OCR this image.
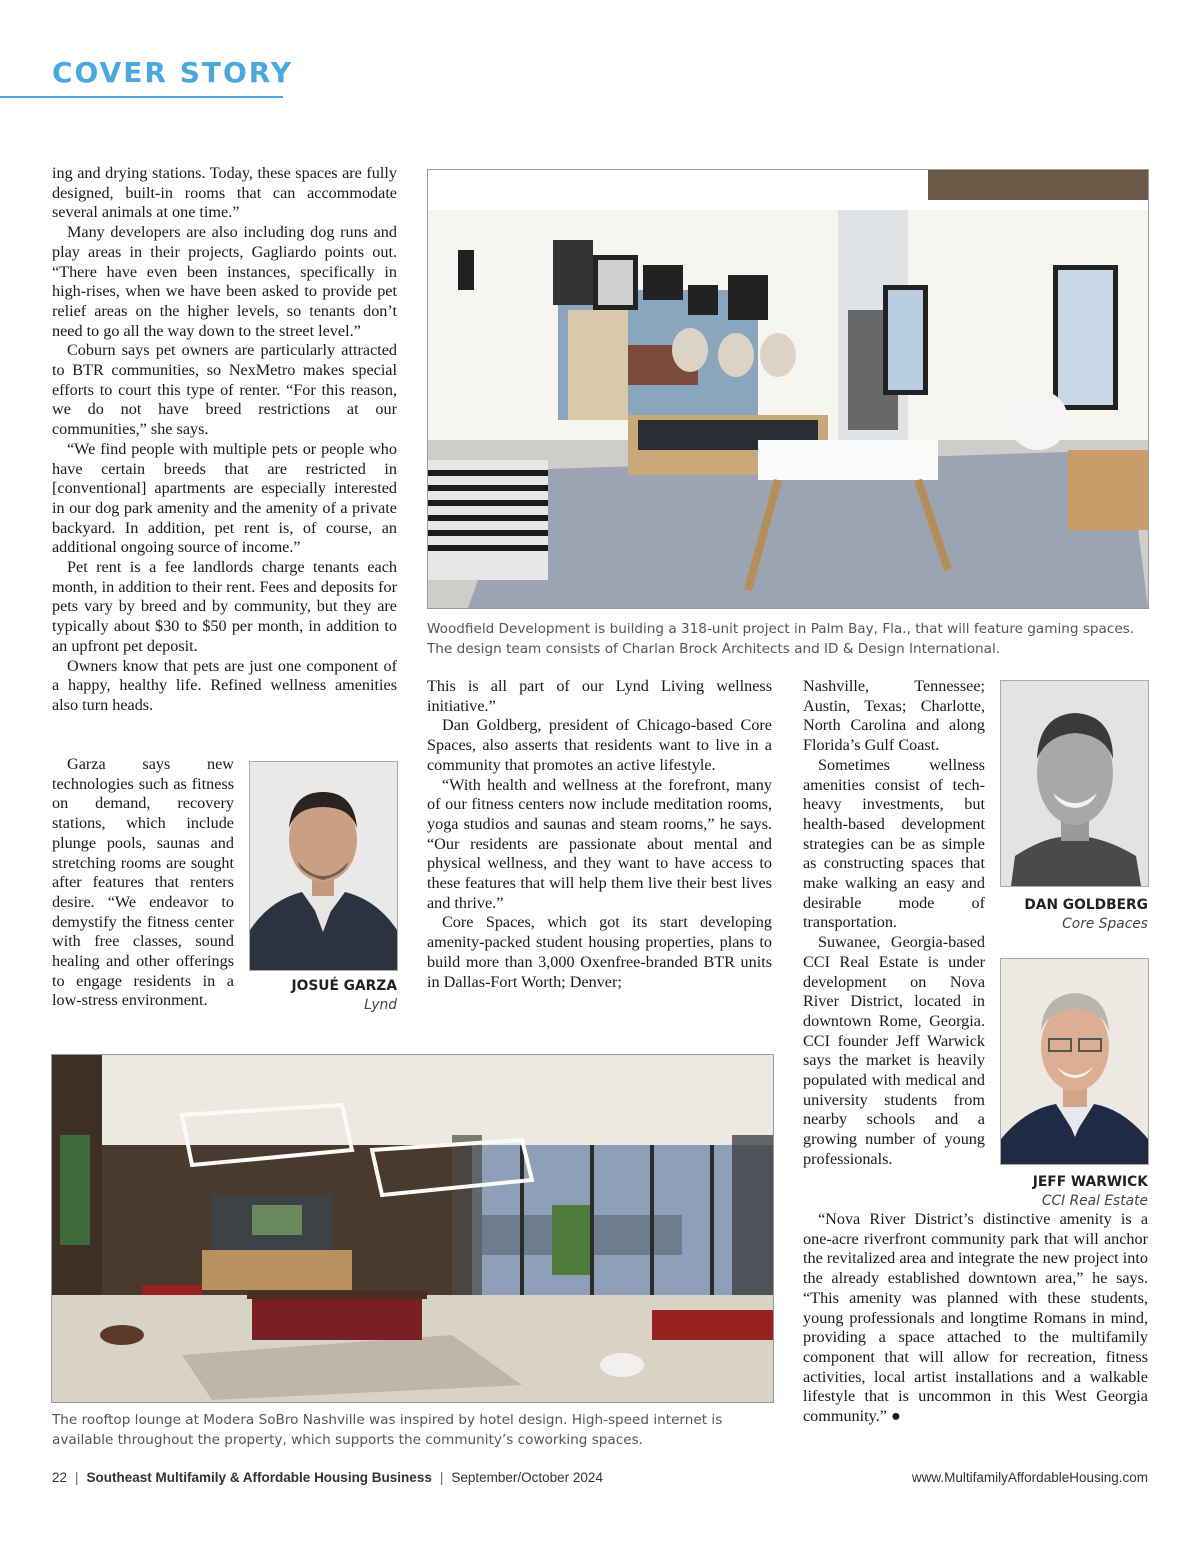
COVER STORY

ing and drying stations. Today, these spaces are fully designed, built-in rooms that can accommodate several animals at one time.”

Many developers are also including dog runs and play areas in their projects, Gagliardo points out. “There have even been instances, specifically in high-rises, when we have been asked to provide pet relief areas on the higher levels, so tenants don’t need to go all the way down to the street level.”

Coburn says pet owners are particularly attracted to BTR communities, so NexMetro makes special efforts to court this type of renter. “For this reason, we do not have breed restrictions at our communities,” she says.

“We find people with multiple pets or people who have certain breeds that are restricted in [conventional] apartments are especially interested in our dog park amenity and the amenity of a private backyard. In addition, pet rent is, of course, an additional ongoing source of income.”

Pet rent is a fee landlords charge tenants each month, in addition to their rent. Fees and deposits for pets vary by breed and by community, but they are typically about $30 to $50 per month, in addition to an upfront pet deposit.

Owners know that pets are just one component of a happy, healthy life. Refined wellness amenities also turn heads.

Garza says new technologies such as fitness on demand, recovery stations, which include plunge pools, saunas and stretching rooms are sought after features that renters desire. “We endeavor to demystify the fitness center with free classes, sound healing and other offerings to engage residents in a low-stress environment.

JOSUÉ GARZA
Lynd
Woodfield Development is building a 318-unit project in Palm Bay, Fla., that will feature gaming spaces. The design team consists of Charlan Brock Architects and ID & Design International.

This is all part of our Lynd Living wellness initiative.”

Dan Goldberg, president of Chicago-based Core Spaces, also asserts that residents want to live in a community that promotes an active lifestyle.

“With health and wellness at the forefront, many of our fitness centers now include meditation rooms, yoga studios and saunas and steam rooms,” he says. “Our residents are passionate about mental and physical wellness, and they want to have access to these features that will help them live their best lives and thrive.”

Core Spaces, which got its start developing amenity-packed student housing properties, plans to build more than 3,000 Oxenfree-branded BTR units in Dallas-Fort Worth; Denver;

Nashville, Tennessee; Austin, Texas; Charlotte, North Carolina and along Florida’s Gulf Coast.

Sometimes wellness amenities consist of tech-heavy investments, but health-based development strategies can be as simple as constructing spaces that make walking an easy and desirable mode of transportation.

Suwanee, Georgia-based CCI Real Estate is under development on Nova River District, located in downtown Rome, Georgia. CCI founder Jeff Warwick says the market is heavily populated with medical and university students from nearby schools and a growing number of young professionals.

“Nova River District’s distinctive amenity is a one-acre riverfront community park that will anchor the revitalized area and integrate the new project into the already established downtown area,” he says. “This amenity was planned with these students, young professionals and longtime Romans in mind, providing a space attached to the multifamily component that will allow for recreation, fitness activities, local artist installations and a walkable lifestyle that is uncommon in this West Georgia community.” ●

DAN GOLDBERG
Core Spaces
JEFF WARWICK
CCI Real Estate
The rooftop lounge at Modera SoBro Nashville was inspired by hotel design. High-speed internet is available throughout the property, which supports the community’s coworking spaces.
22 | Southeast Multifamily & Affordable Housing Business | September/October 2024	www.MultifamilyAffordableHousing.com
